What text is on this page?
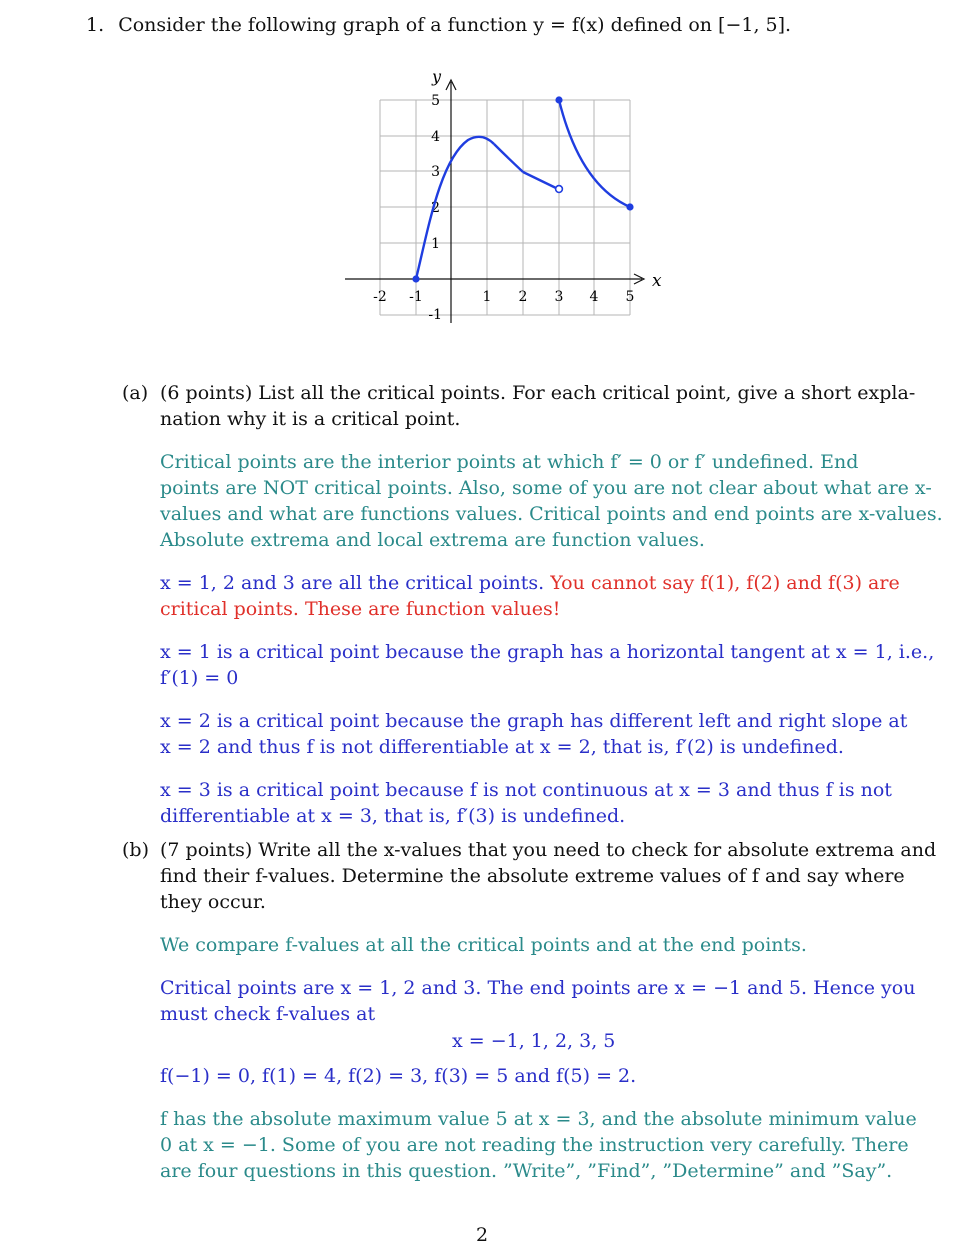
1. Consider the following graph of a function y = f(x) defined on [−1, 5].
x
y
-2 -1	1 2 3 4 5
5
4
3
2
1
-1
(a) (6 points) List all the critical points. For each critical point, give a short expla-
nation why it is a critical point.
Critical points are the interior points at which f′ = 0 or f′ undefined. End
points are NOT critical points. Also, some of you are not clear about what are x-
values and what are functions values. Critical points and end points are x-values.
Absolute extrema and local extrema are function values.
x = 1, 2 and 3 are all the critical points. You cannot say f(1), f(2) and f(3) are
critical points. These are function values!
x = 1 is a critical point because the graph has a horizontal tangent at x = 1, i.e.,
f′(1) = 0
x = 2 is a critical point because the graph has different left and right slope at
x = 2 and thus f is not differentiable at x = 2, that is, f′(2) is undefined.
x = 3 is a critical point because f is not continuous at x = 3 and thus f is not
differentiable at x = 3, that is, f′(3) is undefined.
(b) (7 points) Write all the x-values that you need to check for absolute extrema and
find their f-values. Determine the absolute extreme values of f and say where
they occur.
We compare f-values at all the critical points and at the end points.
Critical points are x = 1, 2 and 3. The end points are x = −1 and 5. Hence you
must check f-values at
x = −1, 1, 2, 3, 5
f(−1) = 0, f(1) = 4, f(2) = 3, f(3) = 5 and f(5) = 2.
f has the absolute maximum value 5 at x = 3, and the absolute minimum value
0 at x = −1. Some of you are not reading the instruction very carefully. There
are four questions in this question. ”Write”, ”Find”, ”Determine” and ”Say”.
2
